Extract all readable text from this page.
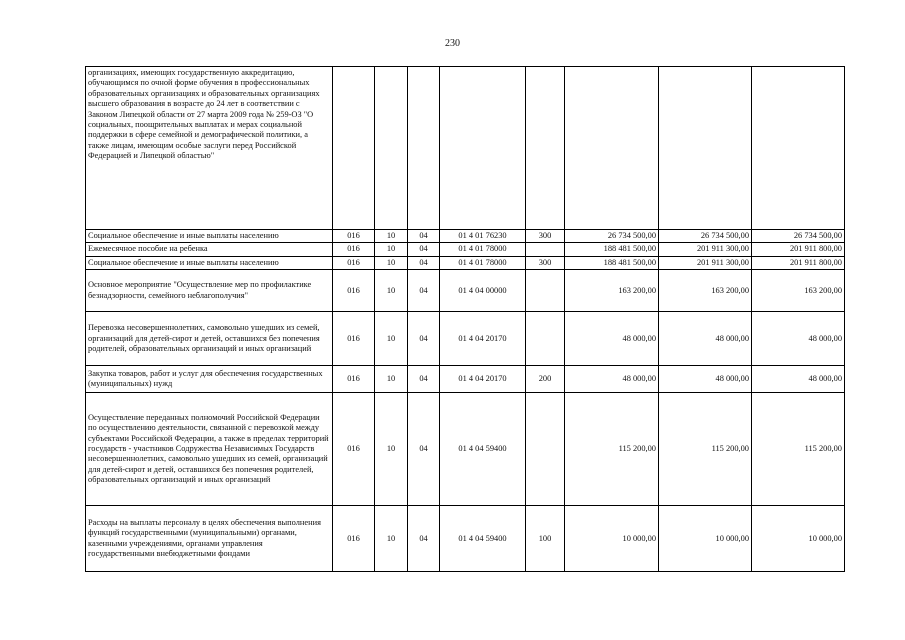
230
организациях, имеющих государственную аккредитацию, обучающимся по очной форме обучения в профессиональных образовательных организациях и образовательных организациях высшего образования в возрасте до 24 лет в соответствии с Законом Липецкой области от 27 марта 2009 года № 259-ОЗ "О социальных, поощрительных выплатах и мерах социальной поддержки в сфере семейной и демографической политики, а также лицам, имеющим особые заслуги перед Российской Федерацией и Липецкой областью"								
Социальное обеспечение и иные выплаты населению	016	10	04	01 4 01 76230	300	26 734 500,00	26 734 500,00	26 734 500,00
Ежемесячное пособие на ребенка	016	10	04	01 4 01 78000		188 481 500,00	201 911 300,00	201 911 800,00
Социальное обеспечение и иные выплаты населению	016	10	04	01 4 01 78000	300	188 481 500,00	201 911 300,00	201 911 800,00
Основное мероприятие "Осуществление мер по профилактике безнадзорности, семейного неблагополучия"	016	10	04	01 4 04 00000		163 200,00	163 200,00	163 200,00
Перевозка несовершеннолетних, самовольно ушедших из семей, организаций для детей-сирот и детей, оставшихся без попечения родителей, образовательных организаций и иных организаций	016	10	04	01 4 04 20170		48 000,00	48 000,00	48 000,00
Закупка товаров, работ и услуг для обеспечения государственных (муниципальных) нужд	016	10	04	01 4 04 20170	200	48 000,00	48 000,00	48 000,00
Осуществление переданных полномочий Российской Федерации по осуществлению деятельности, связанной с перевозкой между субъектами Российской Федерации, а также в пределах территорий государств - участников Содружества Независимых Государств несовершеннолетних, самовольно ушедших из семей, организаций для детей-сирот и детей, оставшихся без попечения родителей, образовательных организаций и иных организаций	016	10	04	01 4 04 59400		115 200,00	115 200,00	115 200,00
Расходы на выплаты персоналу в целях обеспечения выполнения функций государственными (муниципальными) органами, казенными учреждениями, органами управления государственными внебюджетными фондами	016	10	04	01 4 04 59400	100	10 000,00	10 000,00	10 000,00
